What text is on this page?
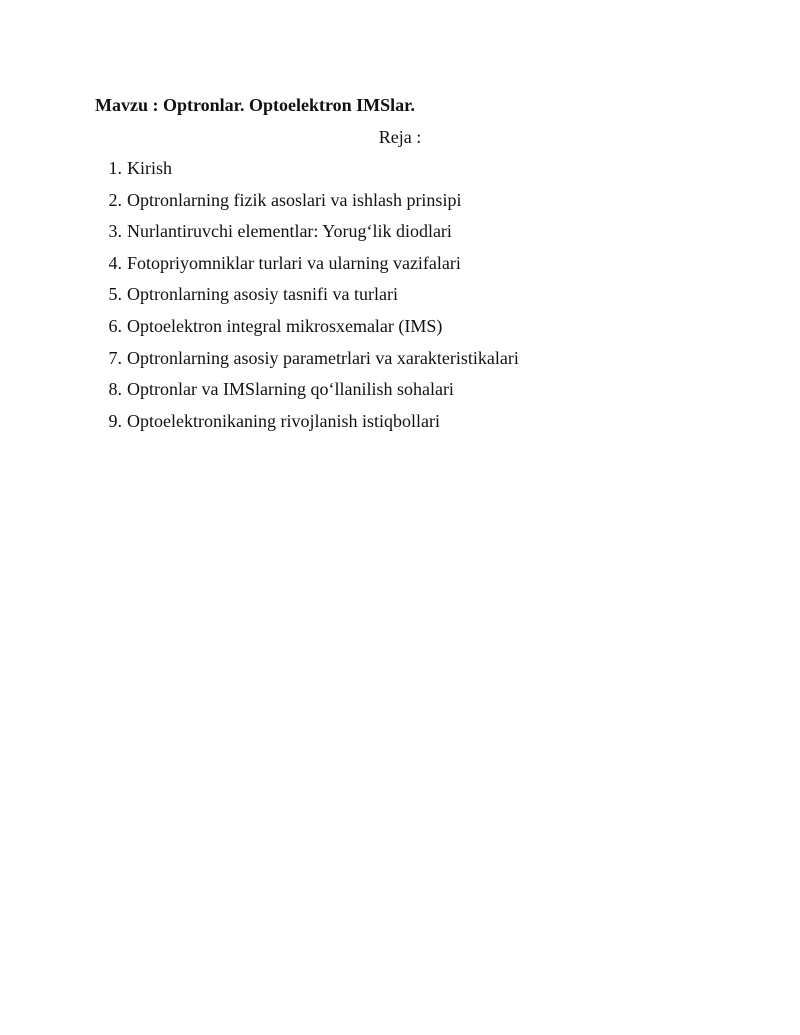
Mavzu : Optronlar. Optoelektron IMSlar.
Reja :
1. Kirish
2. Optronlarning fizik asoslari va ishlash prinsipi
3. Nurlantiruvchi elementlar: Yorug‘lik diodlari
4. Fotopriyomniklar turlari va ularning vazifalari
5. Optronlarning asosiy tasnifi va turlari
6. Optoelektron integral mikrosxemalar (IMS)
7. Optronlarning asosiy parametrlari va xarakteristikalari
8. Optronlar va IMSlarning qo‘llanilish sohalari
9. Optoelektronikaning rivojlanish istiqbollari
